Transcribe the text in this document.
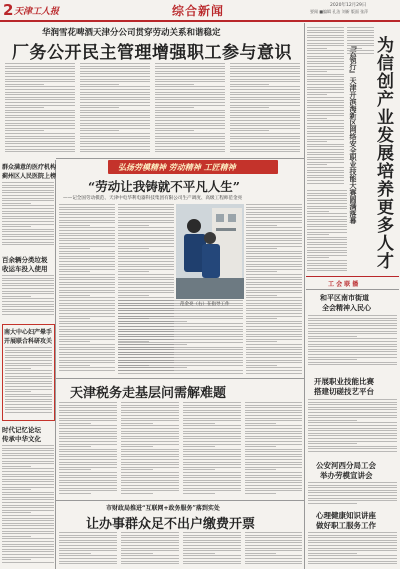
2 天津工人报	综合新闻	2020年12月29日
要闻 ■编辑 孔洁 刘新 版面 张萍
华润雪花啤酒天津分公司贯穿劳动关系和谐稳定
厂务公开民主管理增强职工参与意识	为信创产业发展培养更多人才
『云领行』天津开滨海新区网络安全职业技能大赛圆满落幕
工 会 联 播
和平区南市街道
全会精神入民心
开展职业技能比赛
搭建切磋技艺平台
公安河西分局工会
举办劳模宣讲会
心理健康知识讲座
做好职工服务工作
群众满意的医疗机构
蓟州区人民医院上榜
百余辆分类垃圾
收运车投入使用
南大中心妇产晕手
开展联合科研攻关
时代记忆论坛
传承中华文化
弘扬劳模精神 劳动精神 工匠精神
“劳动让我铸就不平凡人生”
——记全国劳动模范、天津中电华利电器科技集团有限公司生产调度、高级工程师范金亮
范金亮（右）在指导工作
天津税务走基层问需解难题
市财政局推进“互联网+政务服务”落到实处
让办事群众足不出户缴费开票
